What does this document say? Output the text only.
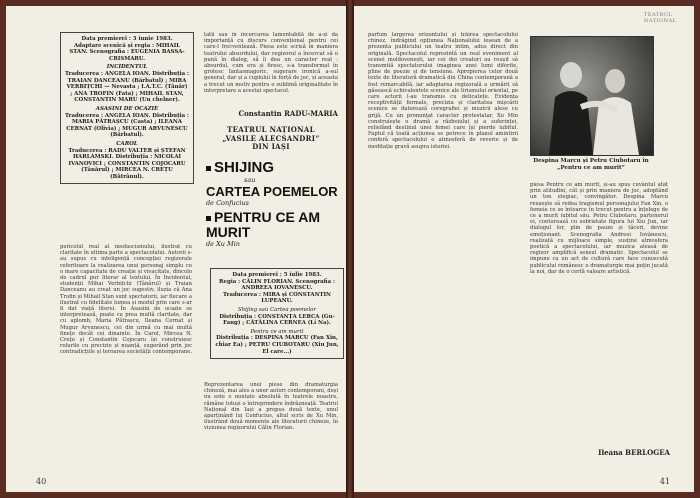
Data premierei : 3 iunie 1983.

Adaptare scenică și regia : MIHAIL STAN. Scenografia : EUGENIA BASSA-CRISMARU.

INCIDENTUL

Traducerea : ANGELA IOAN. Distribuția : TRAIAN DANCEANU (Bărbatul) ; MIRA VERBIȚCHI — Nevasta ; I.A.T.C. (Tânăr) ; ANA TROFIN (Fata) ; MIHAIL STAN, CONSTANTIN MARU (Un chelner).

ASASINI DE OCAZIE

Traducerea : ANGELA IOAN. Distribuția : MARIA PĂTRAȘCU (Casta) ; ILEANA CERNAT (Olivia) ; MUGUR ARVUNESCU (Bărbatul).

CAROL

Traducerea : RADU VALTER și ȘTEFAN HARLAMSKI. Distribuția : NICOLAI IVANOVICI ; CONSTANTIN COJOCARU (Tânărul) ; MIRCEA N. CREȚU (Bătrânul).

pericolul real al neofascismului, ilustrat cu claritate în ultima parte a spectacolului. Autorii s-au supus cu inteligență concepției regizorale referitoare la realizarea unui personaj simplu cu o mare capacitate de creație și vivacitate, dincolo de cadrul pur literar al textului. În Incidentul, studenții Mihai Verbițchi (Tânărul) și Traian Danceanu au creat un joc sugestiv, iluzia că Ana Trofin și Mihail Stan sunt spectatorii, iar fiecare a ilustrat cu fidelitate lumea și modul prin care s-ar fi dat viață literei. În Asasini de ocazie se interpretează, poate cu prea multă claritate, dar cu aplomb, Maria Pătrașcu, Ileana Cernat și Mugur Arvunescu, cei din urmă cu mai multă finețe decât cei dinainte. În Carol, Mircea N. Crețu și Constantin Cojocaru își construiesc rolurile cu precizie și nuanță, sugerând prin joc contradicțiile și teroarea societății contemporane.
tatii sau în încercarea lamentabilă de a-și da importanță cu discurs convențional pentru cei care-l frecventează. Piesa este scrisă în maniera teatrului absurdului, dar regizorul a încercat să o pună în dialog, să îi dea un caracter real : absurdul, cum era și firesc, s-a transformat în grotesc fantasmagoric, sugerare ironică a-sul general, dar și a cuplului în forță de joc, și aceasta a trecut un motiv pentru o sublimă originalitate în interpretare a acestui spectacol.
Constantin RADU-MARIA
TEATRUL NAȚIONAL
„VASILE ALECSANDRI”
DIN IAȘI
SHIJING
sau
CARTEA POEMELOR
de Confucius
PENTRU CE AM MURIT
de Xu Min

Data premierei : 5 iulie 1983.

Regia : CĂLIN FLORIAN. Scenografia : ANDREEA IOVANESCU.

Traducerea : MIRA și CONSTANTIN LUPEANU.

Shijing sau Cartea poemelor

Distribuția : CONSTANȚA LERCA (Gu-Fang) ; CĂTĂLINA CERNEA (Li Na).

Pentru ce am murit

Distribuția : DESPINA MARCU (Fan Xin, chiar Ea) ; PETRU CIUBOTARU (Xiu Jun, El care...)

Reprezentarea unei piese din dramaturgia chineză, mai ales a unor autori contemporani, deși nu este o noutate absolută în teatrele noastre, rămâne totuși o întreprindere îndrăzneață. Teatrul Național din Iași a propus două texte, unul aparținând lui Confucius, altul scris de Xu Min, ilustrând două momente ale literaturii chineze, în viziunea regizorului Călin Florian.
40
TEATRUL NAȚIONAL
parfum largerea orizontului și trăirea spectacolului chinez, îndrăgind opțiunea Naționalului ieșean de a prezenta publicului un teatru intim, adus direct din originală. Spectacolul reprezintă un real eveniment al scenei moldovenești, iar cei doi creatori au reușit să transmită spectatorului imaginea unei lumi diferite, pline de poezie și de tensiune. Apropierea celor două texte de literatură dramatică din China contemporană a fost remarcabilă, iar adaptarea regizorală a urmărit să găsească echivalentele scenice ale lirismului oriental, pe care actorii l-au transmis cu delicatețe. Evidența receptivității formale, precizia și claritatea mișcării scenice se datorează coregrafiei și muzicii alese cu grijă. Cu un pronunțat caracter protestatar, Xu Min construiește o dramă a războiului și a suferinței, reliefând destinul unei femei care își pierde iubitul. Faptul că toată acțiunea se petrece în planul amintirii conferă spectacolului o atmosferă de reverie și de meditație gravă asupra istoriei.
Despina Marcu și Petru Ciubotaru în „Pentru ce am murit”
piesa Pentru ce am murit, și-au spus cuvântul atât prin atitudini, cât și prin maniera de joc, adoptând un ton elegiac, convingător. Despina Marcu reușește să redea tragismul personajului Fan Xin, o femeie ce se întoarce în trecut pentru a înțelege de ce a murit iubitul său. Petru Ciubotaru, partenerul ei, conturează cu sobrietate figura lui Xiu Jun, iar dialogul lor, plin de pauze și tăceri, devine emoționant. Scenografia Andreei Iovănescu, realizată cu mijloace simple, susține atmosfera poetică a spectacolului, iar muzica aleasă de regizor amplifică sensul dramatic. Spectacolul se impune ca un act de cultură care face cunoscută publicului românesc o dramaturgie mai puțin jucată la noi, dar de o certă valoare artistică.
Ileana BERLOGEA
41
